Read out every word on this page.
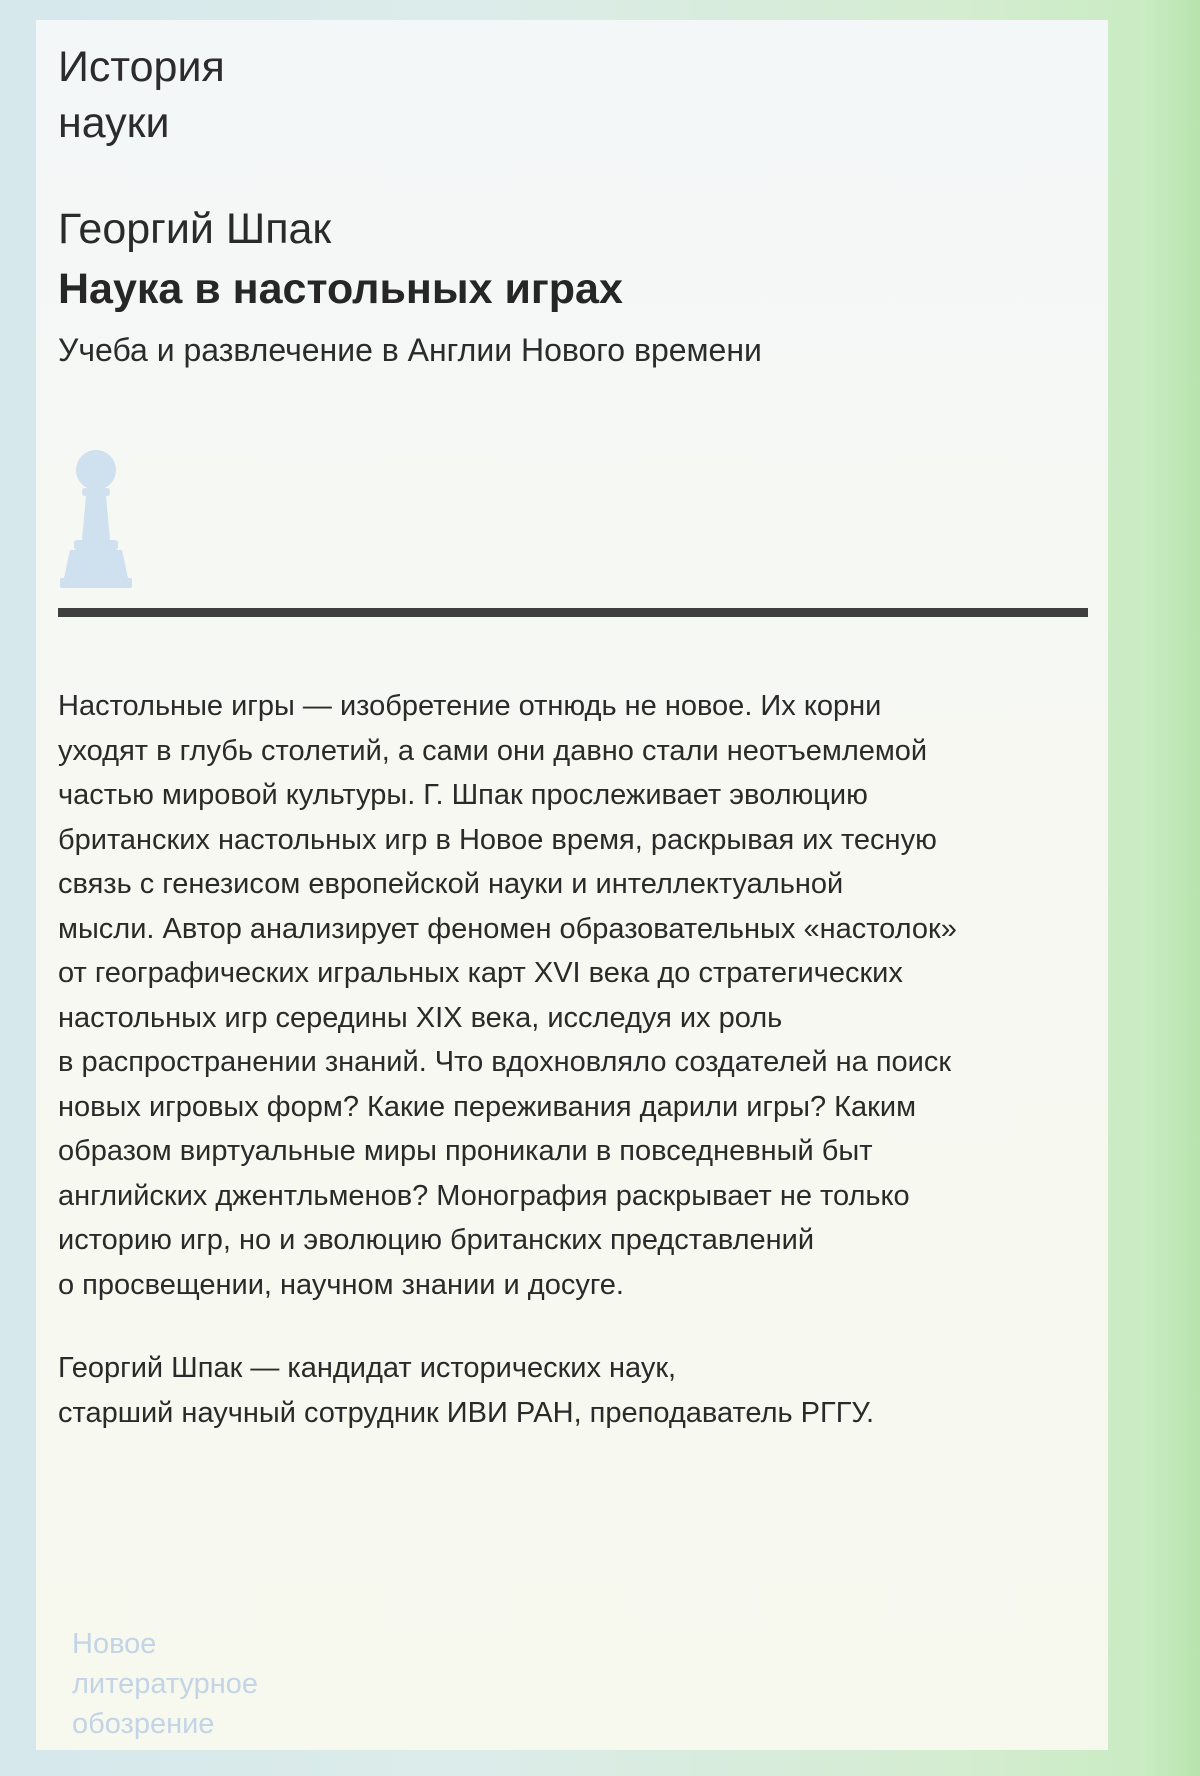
История
науки
Георгий Шпак
Наука в настольных играх
Учеба и развлечение в Англии Нового времени
Настольные игры — изобретение отнюдь не новое. Их корни
уходят в глубь столетий, а сами они давно стали неотъемлемой
частью мировой культуры. Г. Шпак прослеживает эволюцию
британских настольных игр в Новое время, раскрывая их тесную
связь с генезисом европейской науки и интеллектуальной
мысли. Автор анализирует феномен образовательных «настолок»
от географических игральных карт XVI века до стратегических
настольных игр середины XIX века, исследуя их роль
в распространении знаний. Что вдохновляло создателей на поиск
новых игровых форм? Какие переживания дарили игры? Каким
образом виртуальные миры проникали в повседневный быт
английских джентльменов? Монография раскрывает не только
историю игр, но и эволюцию британских представлений
о просвещении, научном знании и досуге.
Георгий Шпак — кандидат исторических наук,
старший научный сотрудник ИВИ РАН, преподаватель РГГУ.
Новое
литературное
обозрение
